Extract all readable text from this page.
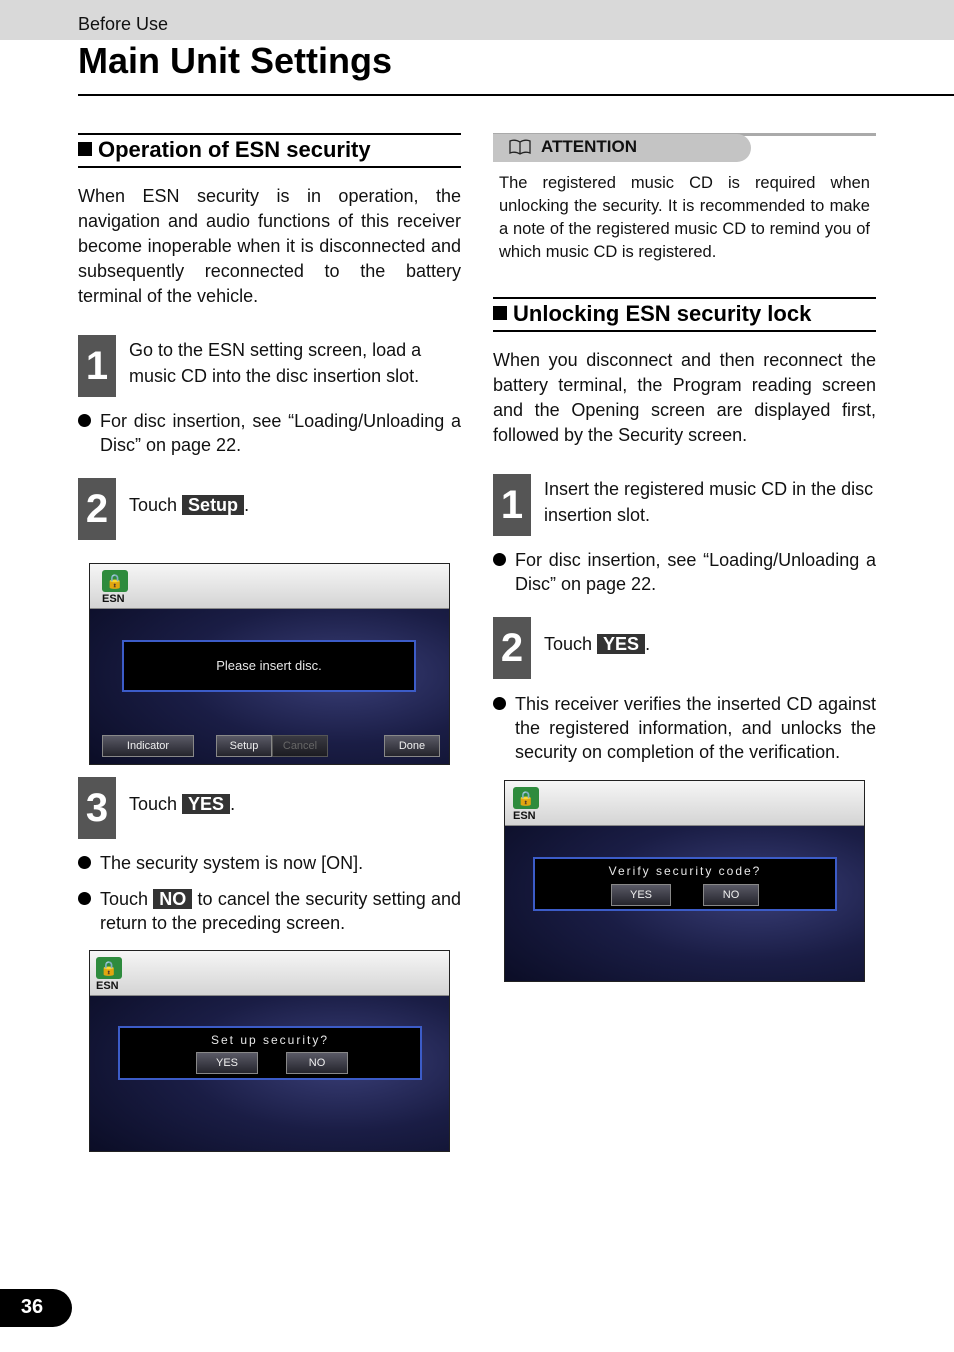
Before Use
Main Unit Settings
Operation of ESN security

When ESN security is in operation, the navigation and audio functions of this receiver become inoperable when it is disconnected and subsequently reconnected to the battery terminal of the vehicle.

1	Go to the ESN setting screen, load a music CD into the disc insertion slot.
For disc insertion, see “Loading/Unloading a Disc” on page 22.
2	Touch Setup .
🔒
ESN
Please insert disc.
Indicator	Setup	Cancel	Done
3	Touch YES .
The security system is now [ON].
Touch NO to cancel the security setting and return to the preceding screen.
🔒
ESN
Set up security?
YES	NO
ATTENTION
The registered music CD is required when unlocking the security. It is recommended to make a note of the registered music CD to remind you of which music CD is registered.
Unlocking ESN security lock

When you disconnect and then reconnect the battery terminal, the Program reading screen and the Opening screen are displayed first, followed by the Security screen.

1	Insert the registered music CD in the disc insertion slot.
For disc insertion, see “Loading/Unloading a Disc” on page 22.
2	Touch YES .
This receiver verifies the inserted CD against the registered information, and unlocks the security on completion of the verification.
🔒
ESN
Verify security code?
YES	NO
36
